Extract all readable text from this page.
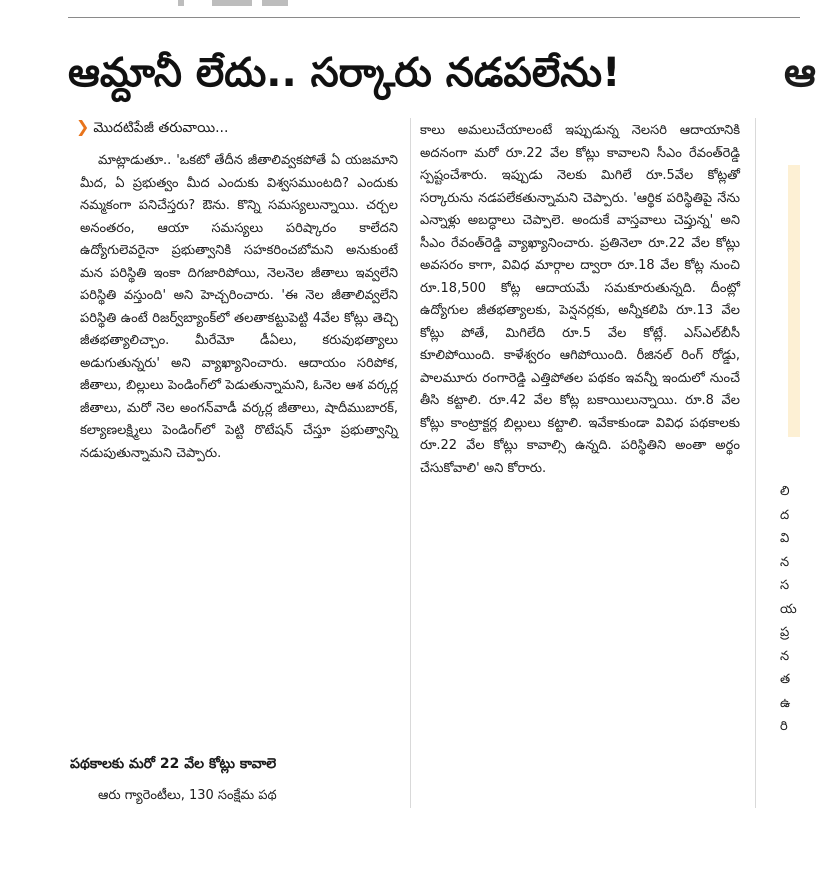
ఆమ్దానీ లేదు.. సర్కారు నడపలేను!	ఆ
❯ మొదటిపేజీ తరువాయి...

మాట్లాడుతూ.. 'ఒకటో తేదీన జీతాలివ్వకపోతే ఏ యజమాని మీద, ఏ ప్రభుత్వం మీద ఎందుకు విశ్వసముంటది? ఎందుకు నమ్మకంగా పనిచేస్తరు? ఔను. కొన్ని సమస్యలున్నాయి. చర్చల అనంతరం, ఆయా సమస్యలు పరిష్కారం కాలేదని ఉద్యోగులెవరైనా ప్రభుత్వానికి సహకరించబోమని అనుకుంటే మన పరిస్థితి ఇంకా దిగజారిపోయి, నెలనెల జీతాలు ఇవ్వలేని పరిస్థితి వస్తుంది' అని హెచ్చరించారు. 'ఈ నెల జీతాలివ్వలేని పరిస్థితి ఉంటే రిజర్వ్‌బ్యాంక్‌లో తలతాకట్టుపెట్టి 4వేల కోట్లు తెచ్చి జీతభత్యాలిచ్చాం. మీరేమో డీఏలు, కరువుభత్యాలు అడుగుతున్నరు' అని వ్యాఖ్యానించారు. ఆదాయం సరిపోక, జీతాలు, బిల్లులు పెండింగ్‌లో పెడుతున్నామని, ఓనెల ఆశ వర్కర్ల జీతాలు, మరో నెల అంగన్‌వాడీ వర్కర్ల జీతాలు, షాదీముబారక్, కల్యాణలక్ష్మిలు పెండింగ్‌లో పెట్టి రొటేషన్ చేస్తూ ప్రభుత్వాన్ని నడుపుతున్నామని చెప్పారు.

పథకాలకు మరో 22 వేల కోట్లు కావాలె

ఆరు గ్యారెంటీలు, 130 సంక్షేమ పథ

కాలు అమలుచేయాలంటే ఇప్పుడున్న నెలసరి ఆదాయానికి అదనంగా మరో రూ.22 వేల కోట్లు కావాలని సీఎం రేవంత్‌రెడ్డి స్పష్టంచేశారు. ఇప్పుడు నెలకు మిగిలే రూ.5వేల కోట్లతో సర్కారును నడపలేకతున్నామని చెప్పారు. 'ఆర్థిక పరిస్థితిపై నేను ఎన్నాళ్లు అబద్ధాలు చెప్పాలె. అందుకే వాస్తవాలు చెప్తున్న' అని సీఎం రేవంత్‌రెడ్డి వ్యాఖ్యానించారు. ప్రతినెలా రూ.22 వేల కోట్లు అవసరం కాగా, వివిధ మార్గాల ద్వారా రూ.18 వేల కోట్ల నుంచి రూ.18,500 కోట్ల ఆదాయమే సమకూరుతున్నది. దీంట్లో ఉద్యోగుల జీతభత్యాలకు, పెన్షనర్లకు, అన్నీకలిపి రూ.13 వేల కోట్లు పోతే, మిగిలేది రూ.5 వేల కోట్లే. ఎస్ఎల్‌బీసీ కూలిపోయింది. కాళేశ్వరం ఆగిపోయింది. రీజినల్ రింగ్ రోడ్డు, పాలమూరు రంగారెడ్డి ఎత్తిపోతల పథకం ఇవన్నీ ఇందులో నుంచే తీసి కట్టాలి. రూ.42 వేల కోట్ల బకాయిలున్నాయి. రూ.8 వేల కోట్లు కాంట్రాక్టర్ల బిల్లులు కట్టాలి. ఇవేకాకుండా వివిధ పథకాలకు రూ.22 వేల కోట్లు కావాల్సి ఉన్నది. పరిస్థితిని అంతా అర్థం చేసుకోవాలి' అని కోరారు.

లి
ద
వి
న
స
య
ప్ర
న
త
ఉ
రి
